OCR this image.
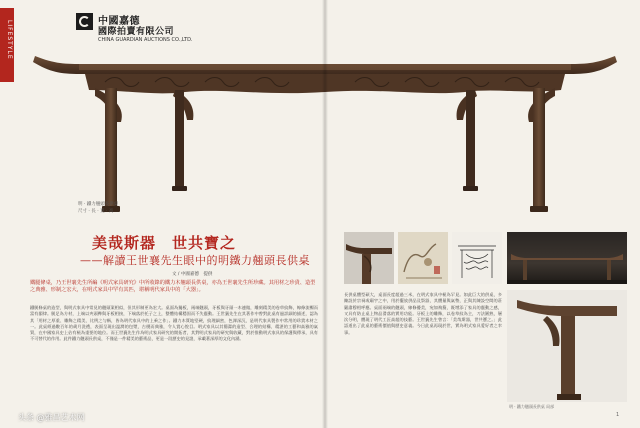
LIFESTYLE	中國嘉德
國際拍賣有限公司
CHINA GUARDIAN AUCTIONS CO.,LTD.
明 · 鐵力翹頭長供桌
尺寸 · 長 · 寬 · 高
美哉斯器　世共寶之
——解讀王世襄先生眼中的明鐵力翹頭長供桌
文 / 中國嘉德　提供
鐵腿條桌，乃王世襄先生所編《明式家具研究》中所收錄的鐵力木翹頭長供桌，亦為王世襄先生所珍藏。其用材之珍貴、造型之典雅、形制之宏大，在明式家具中罕有其匹，堪稱明代家具中的「大器」。
鐵腿條桌的造型，與明式家具中常見的翹頭案相似，但其形制更為宏大。桌面為獨板，兩端翹頭，牙板與牙頭一木連做，雕刻精美的卷草紋飾，線條流暢而富有韻律。腿足為方材，上端以夾頭榫與牙板相接，下端落於托子之上，整體結構穩固而不失靈動。王世襄先生在其著作中曾對此桌有過詳細的描述，認為其「用材之厚重、雕飾之精美、比例之勻稱，皆為明代家具中的上乘之作」。鐵力木質地堅硬，紋理細密，色澤深沉，是明代家具製作中常用的珍貴木材之一。此桌經過數百年的歲月洗禮，表面呈現出溫潤的包漿，古樸而典雅，令人賞心悅目。明式家具以其簡潔的造型、合理的結構、精湛的工藝和高雅的氣質，在中國家具史上佔有極為重要的地位。而王世襄先生作為明式家具研究的開拓者，其對明式家具的研究與收藏，對於推動明式家具的保護與傳承，具有不可替代的作用。此件鐵力翹頭長供桌，不僅是一件精美的藝術品，更是一段歷史的見證，承載著深厚的文化內涵。
長供桌體型碩大，桌面長度超過三米，在明式家具中極為罕見。如此巨大的供桌，多陳設於宗祠或廟宇之中，用於擺放供品及祭器，其體量與氣勢，正與其陳設空間的莊嚴肅穆相呼應。桌面兩端的翹頭，線條優美，宛如飛簷，既增添了家具的靈動之感，又具有防止桌上物品滑落的實用功能。牙板上的雕飾，以卷草紋為主，刀法圓熟，層次分明，體現了明代工匠高超的技藝。王世襄先生曾言：「美哉斯器，世共寶之。」此語道出了此桌的藝術價值與歷史意義。今日此桌再現於世，實為明式家具愛好者之幸事。
明 · 鐵力翹頭長供桌 局部
1
头条 @雅昌艺术网
